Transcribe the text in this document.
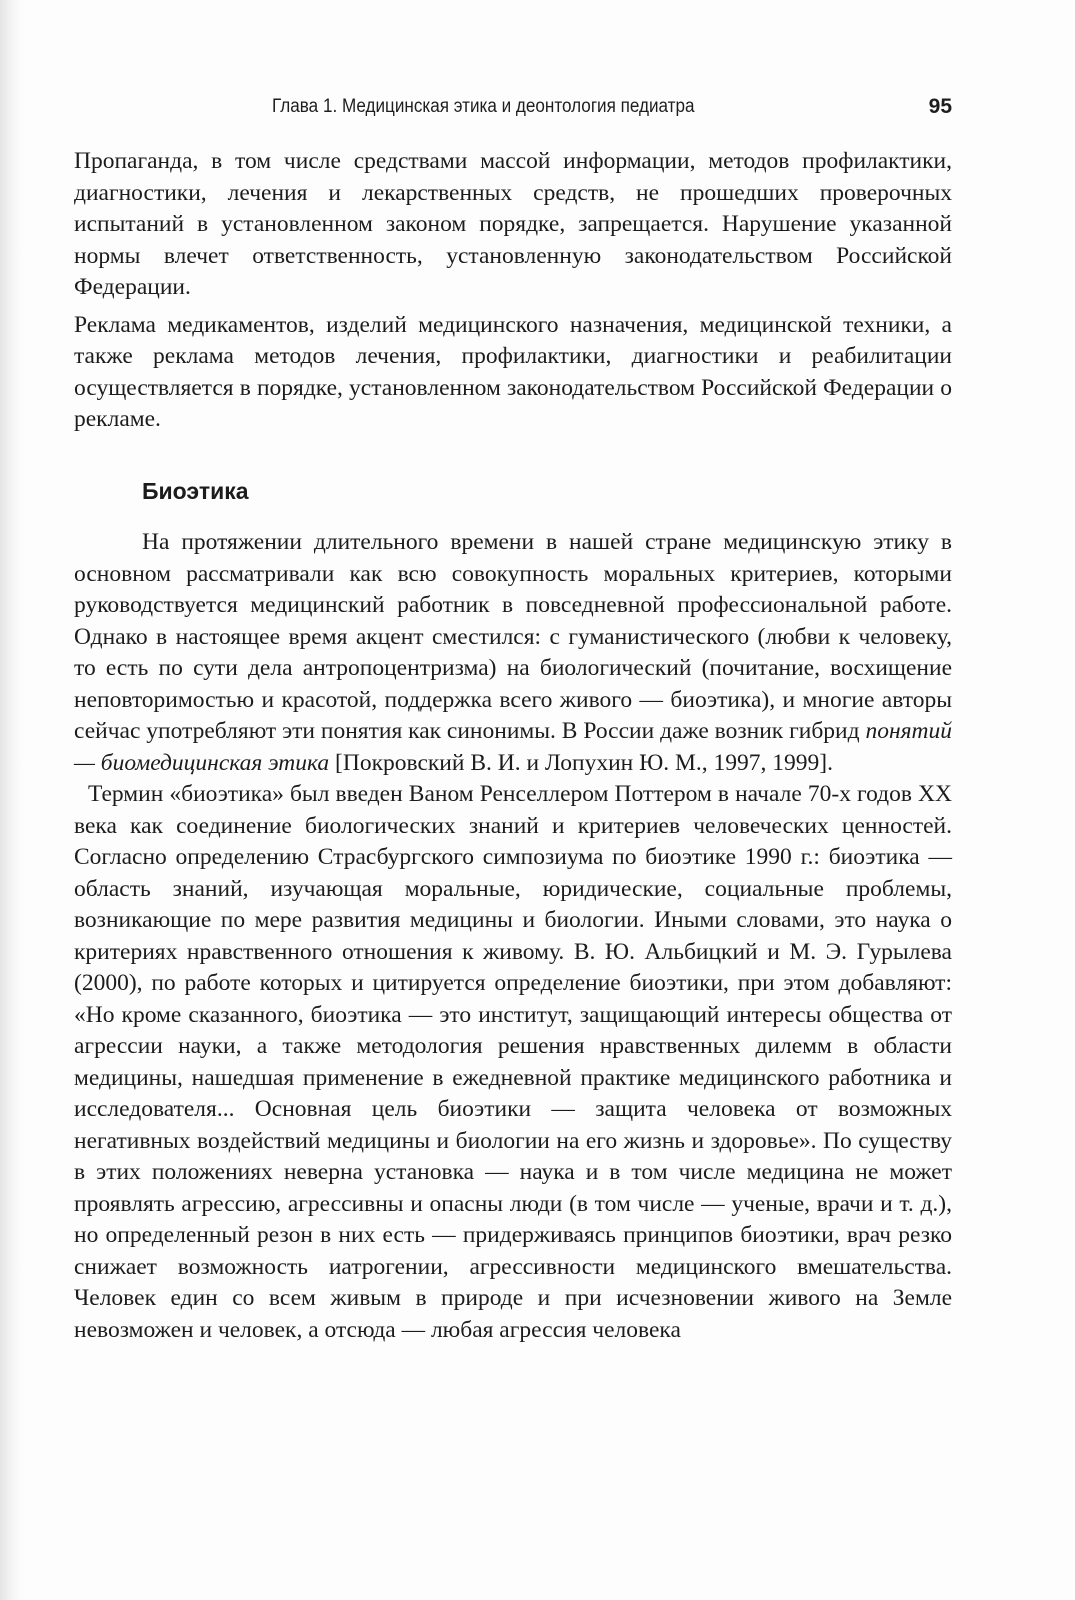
Глава 1. Медицинская этика и деонтология педиатра	95

Пропаганда, в том числе средствами массой информации, методов профилактики, диагностики, лечения и лекарственных средств, не прошедших проверочных испытаний в установленном законом порядке, запрещается. Нарушение указанной нормы влечет ответственность, установленную законодательством Российской Федерации.

Реклама медикаментов, изделий медицинского назначения, медицинской техники, а также реклама методов лечения, профилактики, диагностики и реабилитации осуществляется в порядке, установленном законодательством Российской Федерации о рекламе.

Биоэтика

На протяжении длительного времени в нашей стране медицинскую этику в основном рассматривали как всю совокупность моральных критериев, которыми руководствуется медицинский работник в повседневной профессиональной работе. Однако в настоящее время акцент сместился: с гуманистического (любви к человеку, то есть по сути дела антропоцентризма) на биологический (почитание, восхищение неповторимостью и красотой, поддержка всего живого — биоэтика), и многие авторы сейчас употребляют эти понятия как синонимы. В России даже возник гибрид понятий — биомедицинская этика [Покровский В. И. и Лопухин Ю. М., 1997, 1999].

Термин «биоэтика» был введен Ваном Ренселлером Поттером в начале 70-х годов XX века как соединение биологических знаний и критериев человеческих ценностей. Согласно определению Страсбургского симпозиума по биоэтике 1990 г.: биоэтика — область знаний, изучающая моральные, юридические, социальные проблемы, возникающие по мере развития медицины и биологии. Иными словами, это наука о критериях нравственного отношения к живому. В. Ю. Альбицкий и М. Э. Гурылева (2000), по работе которых и цитируется определение биоэтики, при этом добавляют: «Но кроме сказанного, биоэтика — это институт, защищающий интересы общества от агрессии науки, а также методология решения нравственных дилемм в области медицины, нашедшая применение в ежедневной практике медицинского работника и исследователя... Основная цель биоэтики — защита человека от возможных негативных воздействий медицины и биологии на его жизнь и здоровье». По существу в этих положениях неверна установка — наука и в том числе медицина не может проявлять агрессию, агрессивны и опасны люди (в том числе — ученые, врачи и т. д.), но определенный резон в них есть — придерживаясь принципов биоэтики, врач резко снижает возможность иатрогении, агрессивности медицинского вмешательства. Человек един со всем живым в природе и при исчезновении живого на Земле невозможен и человек, а отсюда — любая агрессия человека
